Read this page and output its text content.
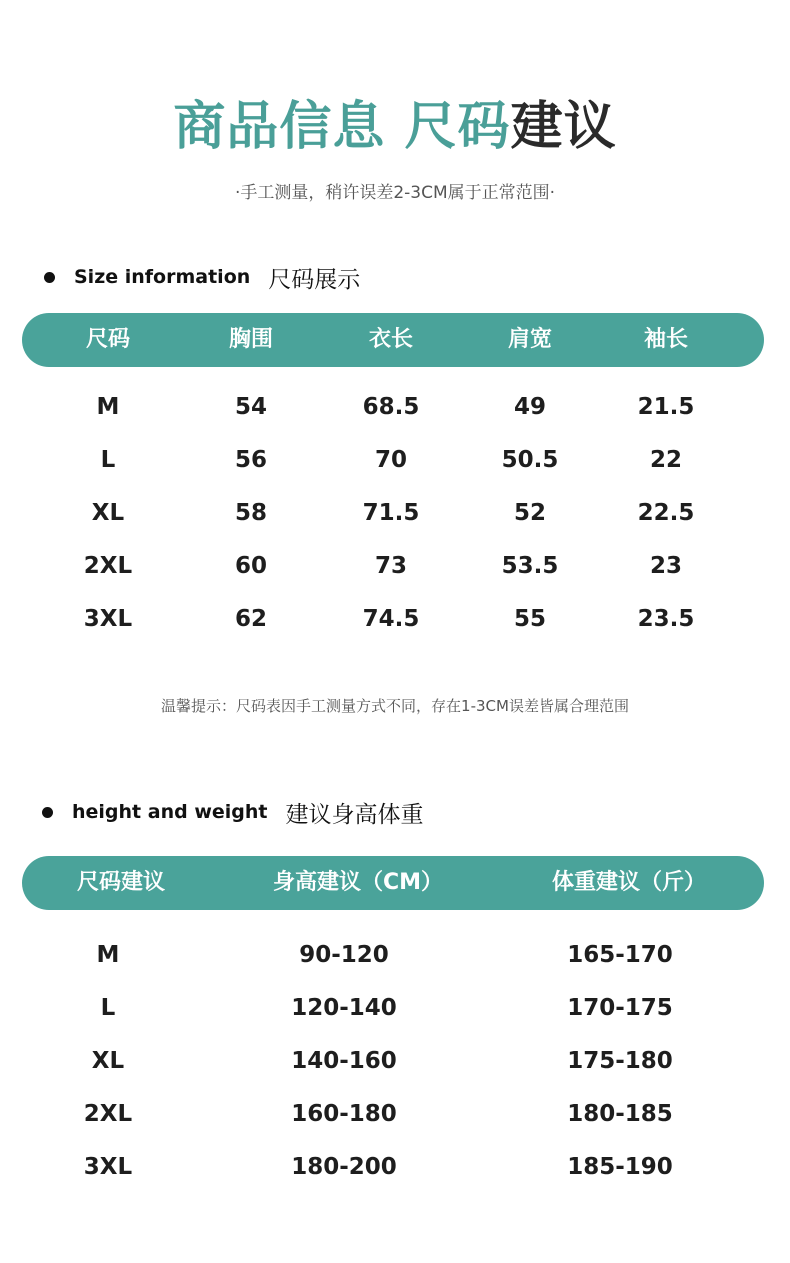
商品信息 尺码建议
·手工测量，稍许误差2-3CM属于正常范围·
Size information 尺码展示
尺码	胸围	衣长	肩宽	袖长
M	54	68.5	49	21.5
L	56	70	50.5	22
XL	58	71.5	52	22.5
2XL	60	73	53.5	23
3XL	62	74.5	55	23.5
温馨提示：尺码表因手工测量方式不同，存在1-3CM误差皆属合理范围
height and weight 建议身高体重
尺码建议	身高建议（CM）	体重建议（斤）
M	90-120	165-170
L	120-140	170-175
XL	140-160	175-180
2XL	160-180	180-185
3XL	180-200	185-190
